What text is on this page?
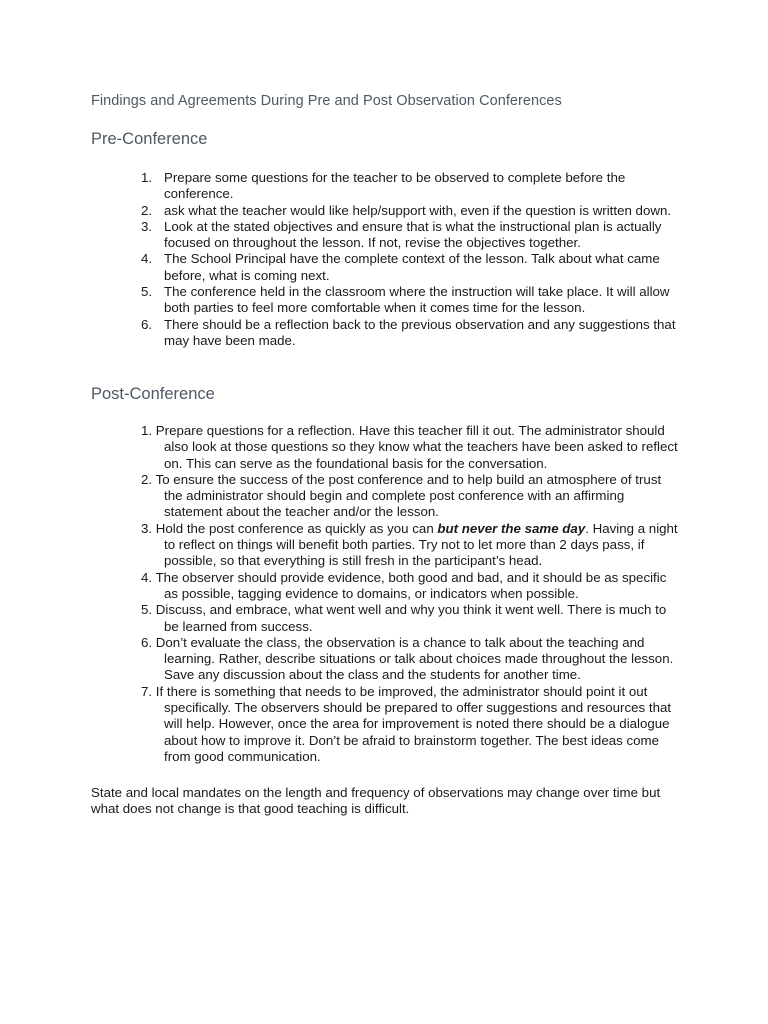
Findings and Agreements During Pre and Post Observation Conferences
Pre-Conference
1. Prepare some questions for the teacher to be observed to complete before the conference.
2. ask what the teacher would like help/support with, even if the question is written down.
3. Look at the stated objectives and ensure that is what the instructional plan is actually focused on throughout the lesson. If not, revise the objectives together.
4. The School Principal have the complete context of the lesson. Talk about what came before, what is coming next.
5. The conference held in the classroom where the instruction will take place. It will allow both parties to feel more comfortable when it comes time for the lesson.
6. There should be a reflection back to the previous observation and any suggestions that may have been made.
Post-Conference
1. Prepare questions for a reflection. Have this teacher fill it out. The administrator should also look at those questions so they know what the teachers have been asked to reflect on. This can serve as the foundational basis for the conversation.
2. To ensure the success of the post conference and to help build an atmosphere of trust the administrator should begin and complete post conference with an affirming statement about the teacher and/or the lesson.
3. Hold the post conference as quickly as you can but never the same day. Having a night to reflect on things will benefit both parties. Try not to let more than 2 days pass, if possible, so that everything is still fresh in the participant’s head.
4. The observer should provide evidence, both good and bad, and it should be as specific as possible, tagging evidence to domains, or indicators when possible.
5. Discuss, and embrace, what went well and why you think it went well. There is much to be learned from success.
6. Don’t evaluate the class, the observation is a chance to talk about the teaching and learning. Rather, describe situations or talk about choices made throughout the lesson. Save any discussion about the class and the students for another time.
7. If there is something that needs to be improved, the administrator should point it out specifically. The observers should be prepared to offer suggestions and resources that will help. However, once the area for improvement is noted there should be a dialogue about how to improve it. Don’t be afraid to brainstorm together. The best ideas come from good communication.

State and local mandates on the length and frequency of observations may change over time but what does not change is that good teaching is difficult.
